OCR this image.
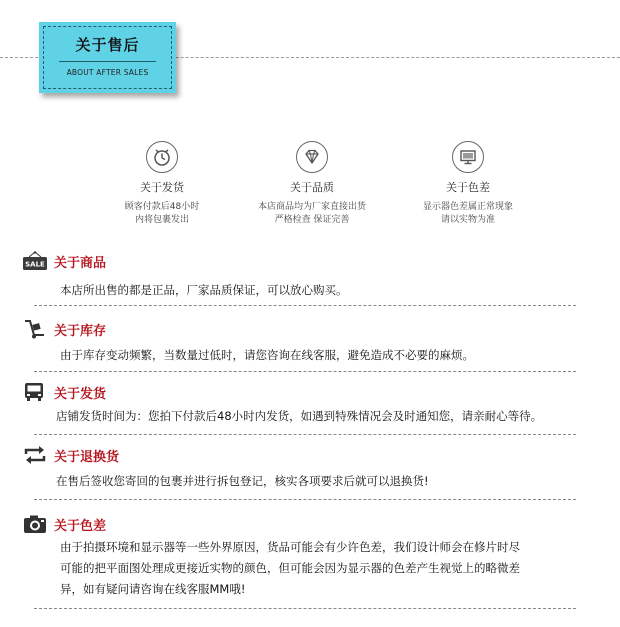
关于售后
ABOUT AFTER SALES
关于发货
顾客付款后48小时
内将包裹发出
关于品质
本店商品均为厂家直接出货
严格检查 保证完善
关于色差
显示器色差属正常现象
请以实物为准
SALE 关于商品
本店所出售的都是正品，厂家品质保证，可以放心购买。
关于库存
由于库存变动频繁，当数量过低时，请您咨询在线客服，避免造成不必要的麻烦。
关于发货
店铺发货时间为：您拍下付款后48小时内发货，如遇到特殊情况会及时通知您，请亲耐心等待。
关于退换货
在售后签收您寄回的包裹并进行拆包登记，核实各项要求后就可以退换货!
关于色差
由于拍摄环境和显示器等一些外界原因，货品可能会有少许色差，我们设计师会在修片时尽
可能的把平面图处理成更接近实物的颜色，但可能会因为显示器的色差产生视觉上的略微差
异，如有疑问请咨询在线客服MM哦!
